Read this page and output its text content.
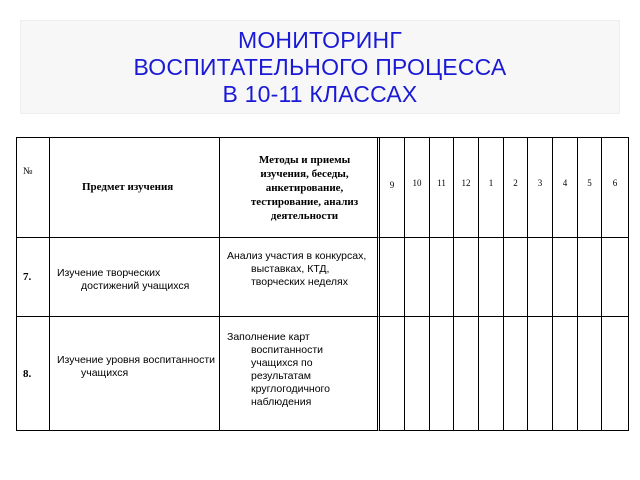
МОНИТОРИНГ
ВОСПИТАТЕЛЬНОГО ПРОЦЕССА
В 10-11 КЛАССАХ
№	Предмет изучения	Методы и приемы изучения, беседы, анкетирование, тестирование, анализ деятельности	9	10	11	12	1	2	3	4	5	6
7.	Изучение творческих достижений учащихся	Анализ участия в конкурсах, выставках, КТД, творческих неделях										

8.	Изучение уровня воспитанности учащихся	Заполнение карт воспитанности учащихся по результатам круглогодичного наблюдения										
